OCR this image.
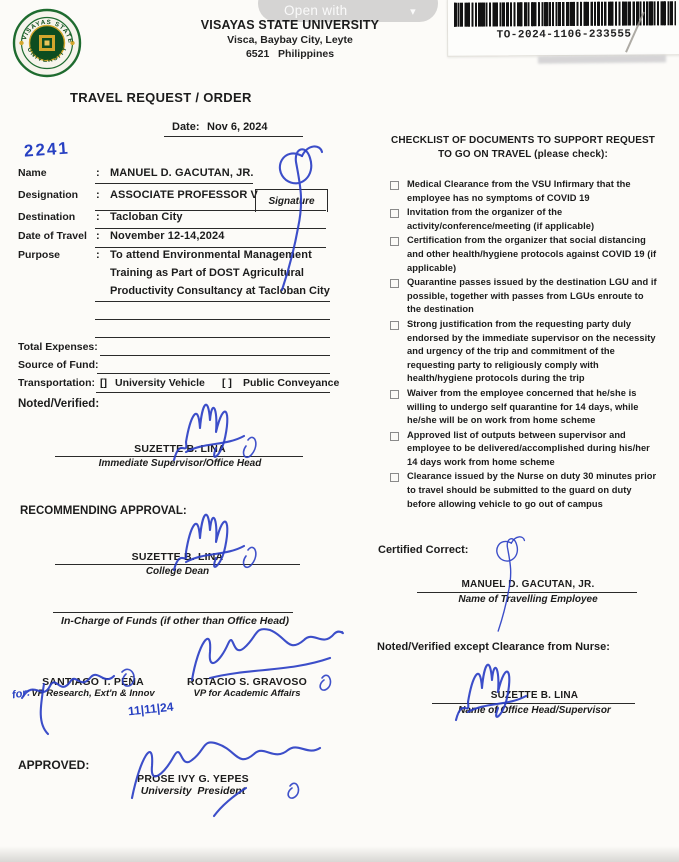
Open with	▾
VISAYAS STATE
UNIVERSITY
VISAYAS STATE UNIVERSITY
Visca, Baybay City, Leyte
6521   Philippines
TO-2024-1106-233555
TRAVEL REQUEST / ORDER
Date: Nov 6, 2024
2241
Name	: MANUEL D. GACUTAN, JR.
Designation	: ASSOCIATE PROFESSOR V Signature
Destination	: Tacloban City
Date of Travel : November 12-14,2024
Purpose	: To attend Environmental Management
Training as Part of DOST Agricultural
Productivity Consultancy at Tacloban City
Total Expenses:
Source of Fund:
Transportation: [] University Vehicle [ ] Public Conveyance
Noted/Verified:
SUZETTE B. LINA
Immediate Supervisor/Office Head
RECOMMENDING APPROVAL:
SUZETTE B. LINA
College Dean
In-Charge of Funds (if other than Office Head)
SANTIAGO T. PEÑA
VP Research, Ext'n & Innov
ROTACIO S. GRAVOSO
VP for Academic Affairs
11|11|24
for:
APPROVED:
PROSE IVY G. YEPES
University  President
CHECKLIST OF DOCUMENTS TO SUPPORT REQUEST
TO GO ON TRAVEL (please check):
Medical Clearance from the VSU Infirmary that the employee has no symptoms of COVID 19
Invitation from the organizer of the activity/conference/meeting (if applicable)
Certification from the organizer that social distancing and other health/hygiene protocols against COVID 19 (if applicable)
Quarantine passes issued by the destination LGU and if possible, together with passes from LGUs enroute to the destination
Strong justification from the requesting party duly endorsed by the immediate supervisor on the necessity and urgency of the trip and commitment of the requesting party to religiously comply with health/hygiene protocols during the trip
Waiver from the employee concerned that he/she is willing to undergo self quarantine for 14 days, while he/she will be on work from home scheme
Approved list of outputs between supervisor and employee to be delivered/accomplished during his/her 14 days work from home scheme
Clearance issued by the Nurse on duty 30 minutes prior to travel should be submitted to the guard on duty before allowing vehicle to go out of campus
Certified Correct:
MANUEL D. GACUTAN, JR.
Name of Travelling Employee
Noted/Verified except Clearance from Nurse:
SUZETTE B. LINA
Name of Office Head/Supervisor
